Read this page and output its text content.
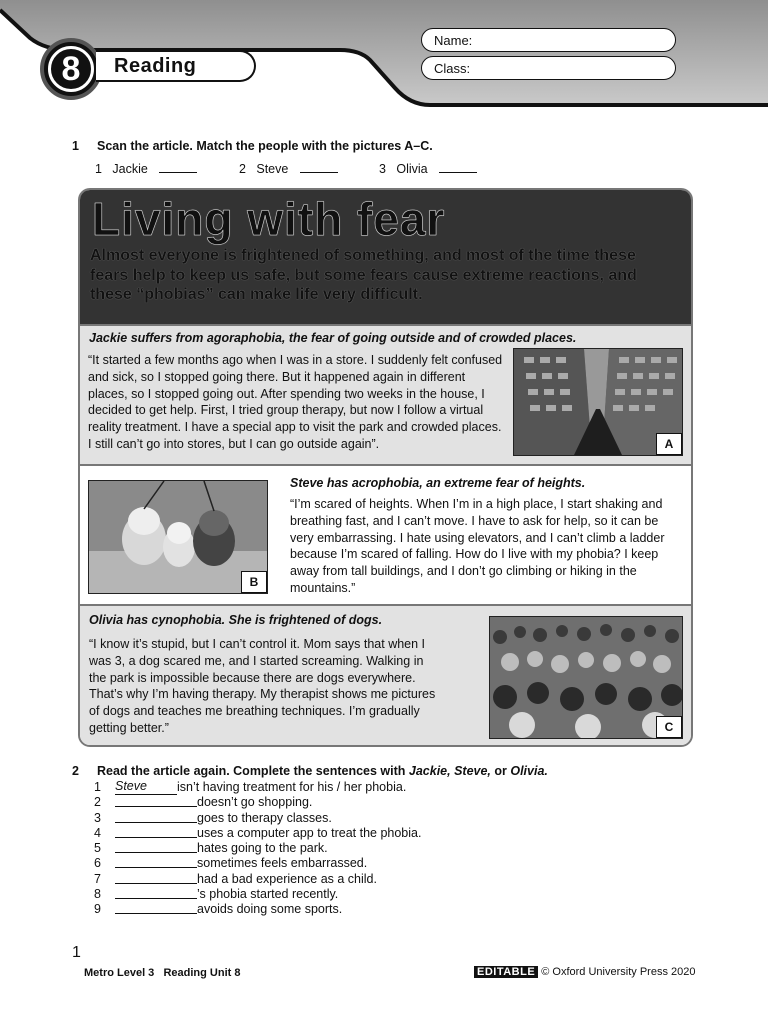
8 Reading
Name:
Class:
1 Scan the article. Match the people with the pictures A–C.
1 Jackie	2 Steve	3 Olivia
Living with fear
Almost everyone is frightened of something, and most of the time these fears help to keep us safe, but some fears cause extreme reactions, and these “phobias” can make life very difficult.
Jackie suffers from agoraphobia, the fear of going outside and of crowded places.
“It started a few months ago when I was in a store. I suddenly felt confused and sick, so I stopped going there. But it happened again in different places, so I stopped going out. After spending two weeks in the house, I decided to get help. First, I tried group therapy, but now I follow a virtual reality treatment. I have a special app to visit the park and crowded places. I still can’t go into stores, but I can go outside again”.	A
B
Steve has acrophobia, an extreme fear of heights.
“I’m scared of heights. When I’m in a high place, I start shaking and breathing fast, and I can’t move. I have to ask for help, so it can be very embarrassing. I hate using elevators, and I can’t climb a ladder because I’m scared of falling. How do I live with my phobia? I keep away from tall buildings, and I don’t go climbing or hiking in the mountains.”
Olivia has cynophobia. She is frightened of dogs.
“I know it’s stupid, but I can’t control it. Mom says that when I was 3, a dog scared me, and I started screaming. Walking in the park is impossible because there are dogs everywhere. That’s why I’m having therapy. My therapist shows me pictures of dogs and teaches me breathing techniques. I’m gradually getting better.”	C
2 Read the article again. Complete the sentences with Jackie, Steve, or Olivia.
1	Steve	isn’t having treatment for his / her phobia.
2	doesn’t go shopping.
3	goes to therapy classes.
4	uses a computer app to treat the phobia.
5	hates going to the park.
6	sometimes feels embarrassed.
7	had a bad experience as a child.
8	’s phobia started recently.
9	avoids doing some sports.
1
Metro Level 3   Reading Unit 8	EDITABLE © Oxford University Press 2020
